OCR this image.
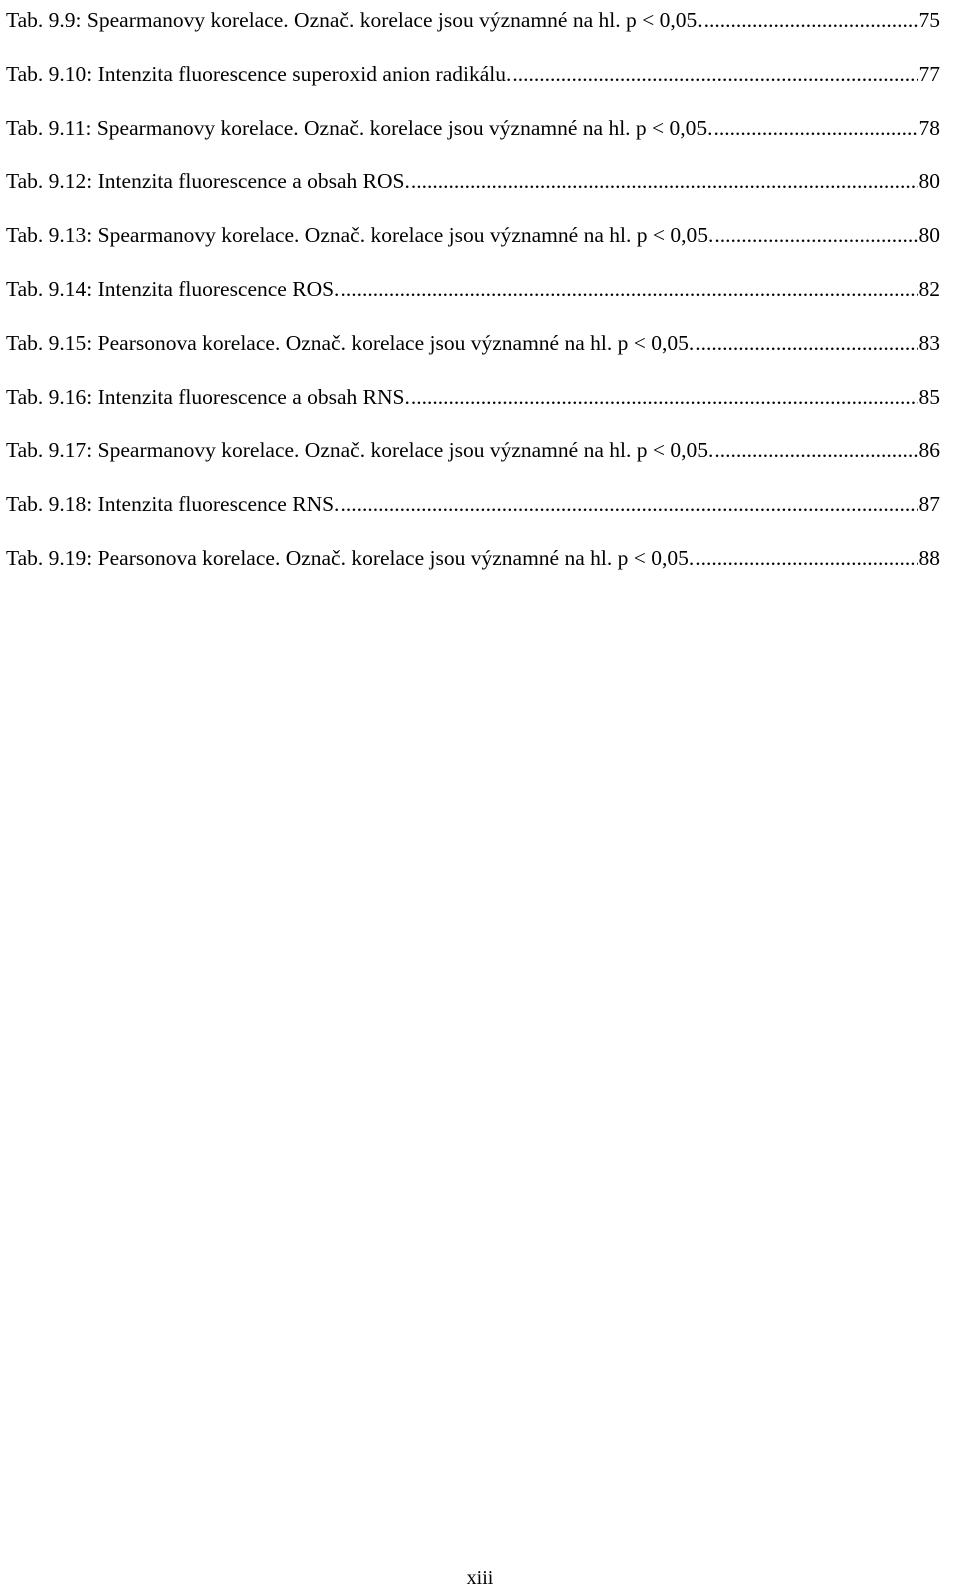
Tab. 9.9: Spearmanovy korelace. Označ. korelace jsou významné na hl. p < 0,05. .....	75
Tab. 9.10: Intenzita fluorescence superoxid anion radikálu. .....	77
Tab. 9.11: Spearmanovy korelace. Označ. korelace jsou významné na hl. p < 0,05. .....	78
Tab. 9.12: Intenzita fluorescence a obsah ROS. .....	80
Tab. 9.13: Spearmanovy korelace. Označ. korelace jsou významné na hl. p < 0,05. .....	80
Tab. 9.14: Intenzita fluorescence ROS. .....	82
Tab. 9.15: Pearsonova korelace. Označ. korelace jsou významné na hl. p < 0,05. .....	83
Tab. 9.16: Intenzita fluorescence a obsah RNS. .....	85
Tab. 9.17: Spearmanovy korelace. Označ. korelace jsou významné na hl. p < 0,05. .....	86
Tab. 9.18: Intenzita fluorescence RNS. .....	87
Tab. 9.19: Pearsonova korelace. Označ. korelace jsou významné na hl. p < 0,05. .....	88
xiii
